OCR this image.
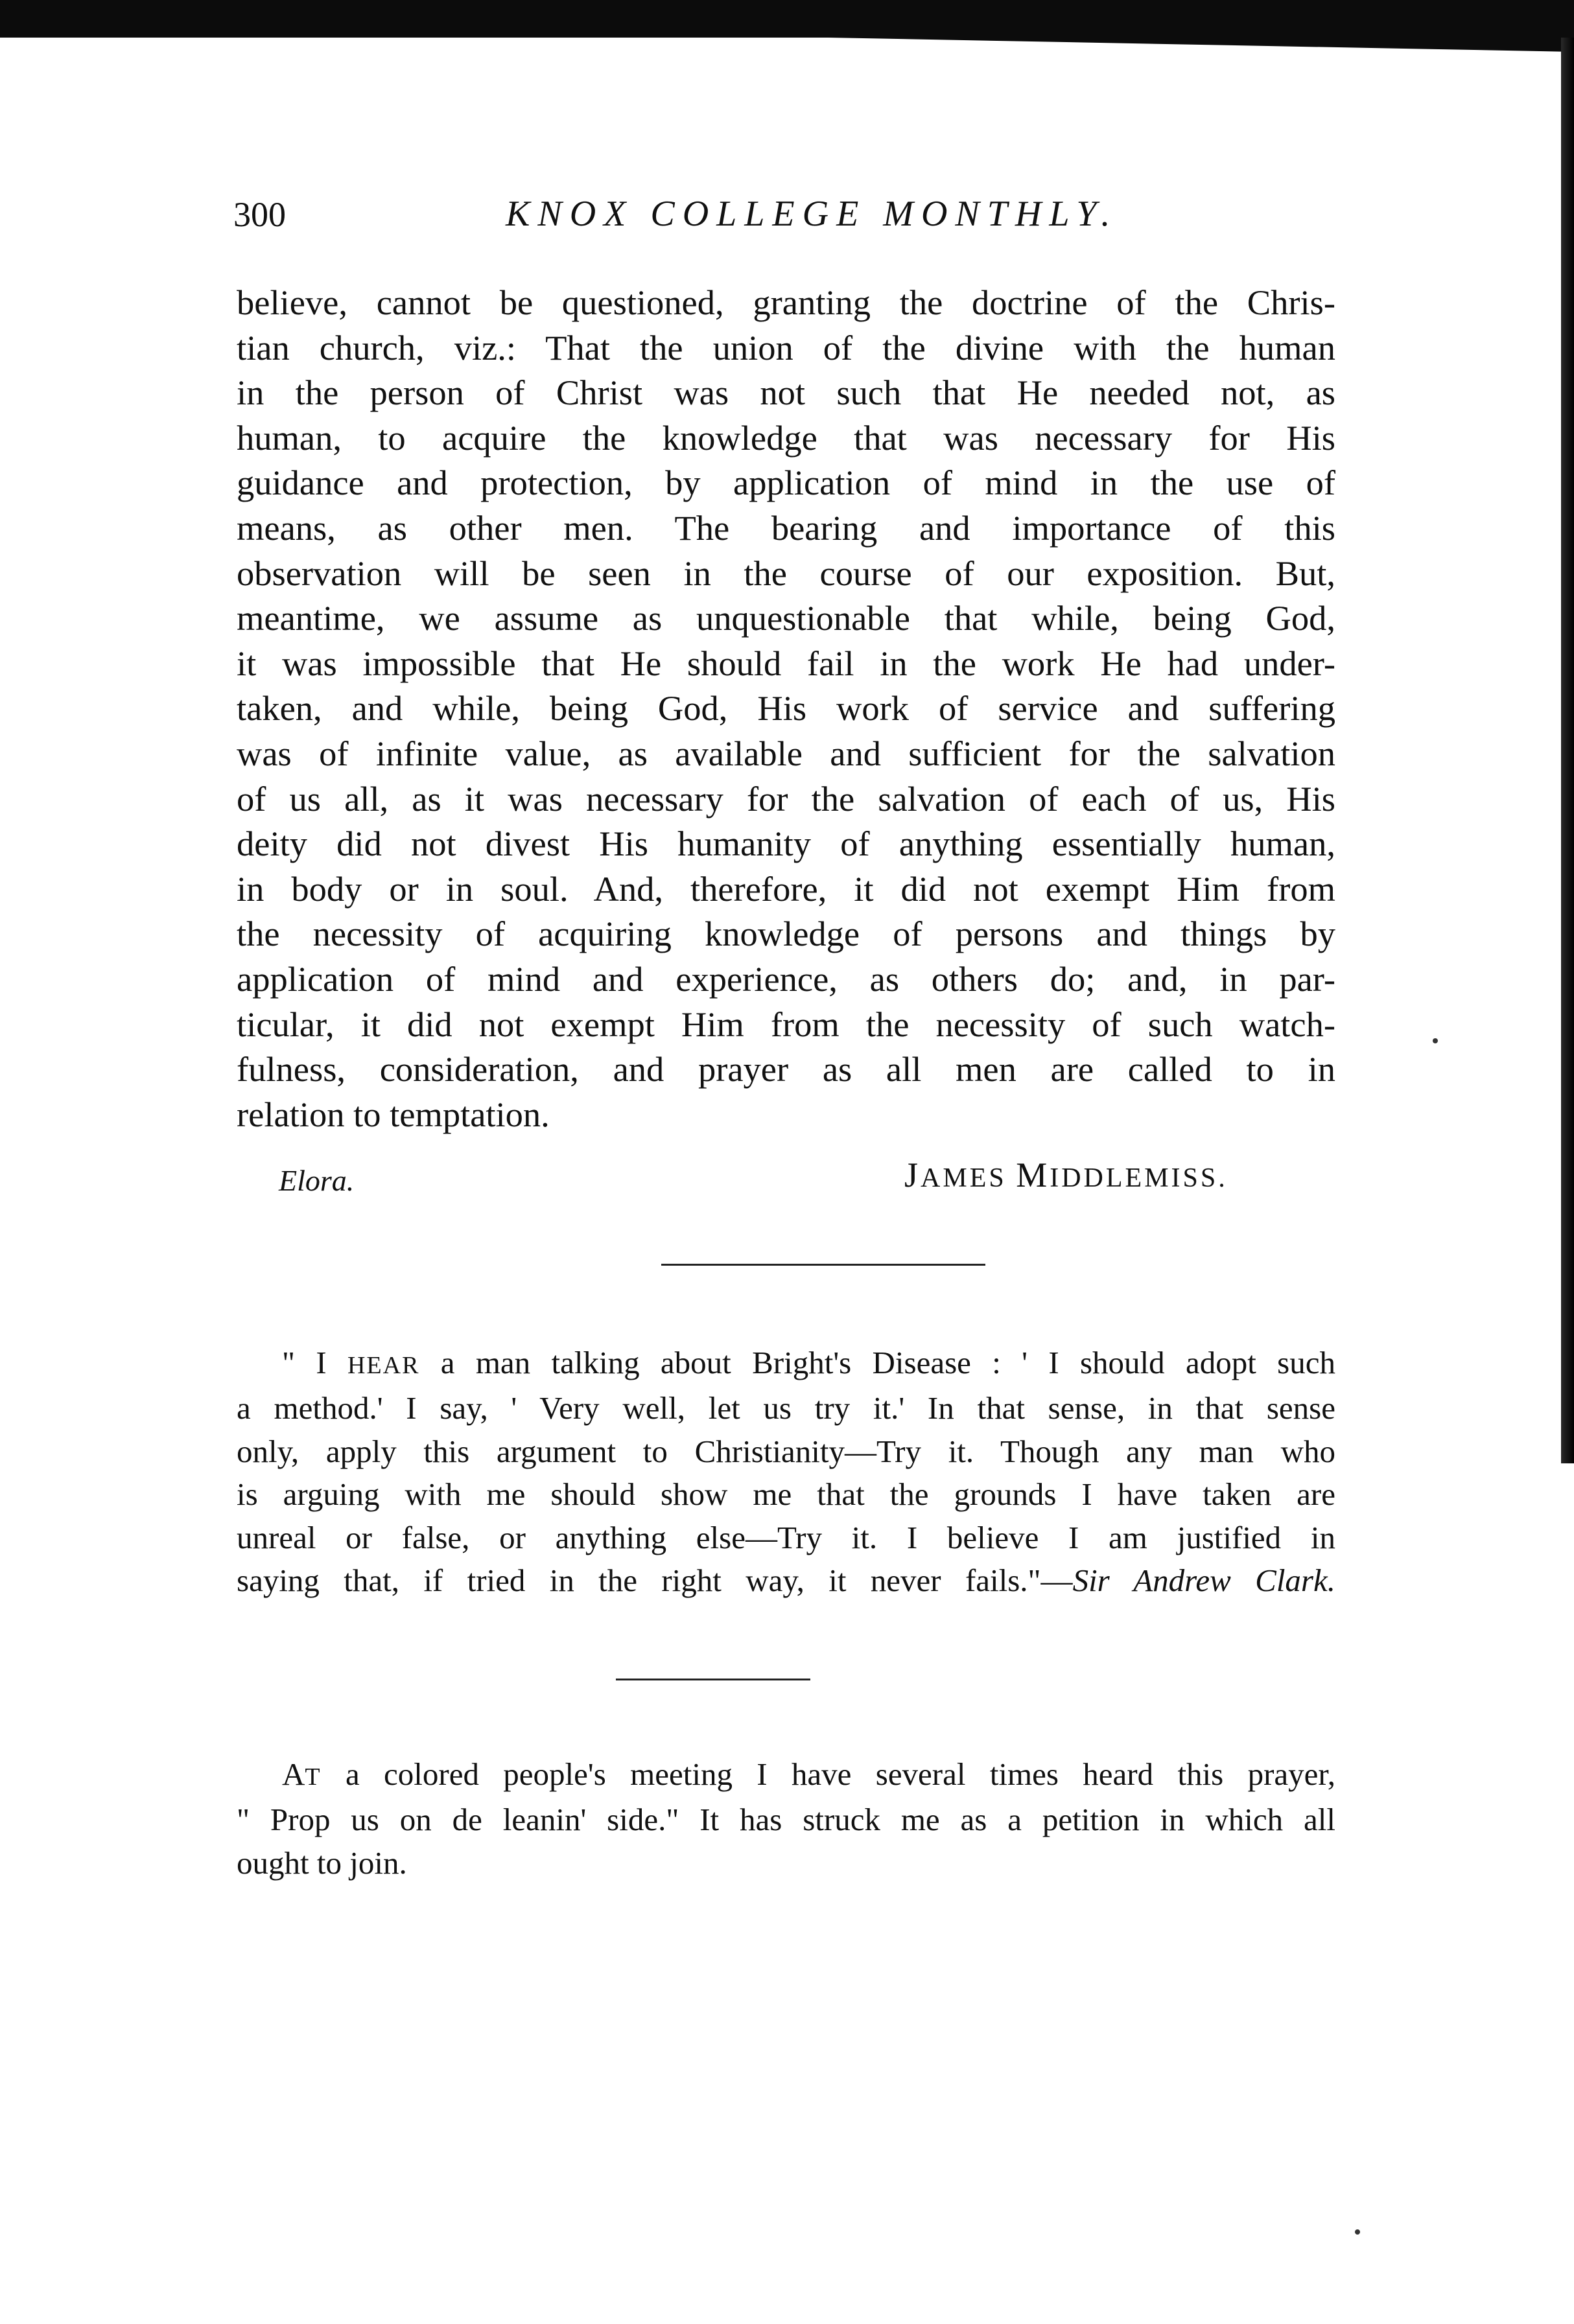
300	KNOX COLLEGE MONTHLY.
believe, cannot be questioned, granting the doctrine of the Chris-
tian church, viz.: That the union of the divine with the human
in the person of Christ was not such that He needed not, as
human, to acquire the knowledge that was necessary for His
guidance and protection, by application of mind in the use of
means, as other men. The bearing and importance of this
observation will be seen in the course of our exposition. But,
meantime, we assume as unquestionable that while, being God,
it was impossible that He should fail in the work He had under-
taken, and while, being God, His work of service and suffering
was of infinite value, as available and sufficient for the salvation
of us all, as it was necessary for the salvation of each of us, His
deity did not divest His humanity of anything essentially human,
in body or in soul. And, therefore, it did not exempt Him from
the necessity of acquiring knowledge of persons and things by
application of mind and experience, as others do; and, in par-
ticular, it did not exempt Him from the necessity of such watch-
fulness, consideration, and prayer as all men are called to in
relation to temptation.
Elora.	JAMES MIDDLEMISS.
" I HEAR a man talking about Bright's Disease : ' I should adopt such
a method.' I say, ' Very well, let us try it.' In that sense, in that sense
only, apply this argument to Christianity—Try it. Though any man who
is arguing with me should show me that the grounds I have taken are
unreal or false, or anything else—Try it. I believe I am justified in
saying that, if tried in the right way, it never fails."—Sir Andrew Clark.
AT a colored people's meeting I have several times heard this prayer,
" Prop us on de leanin' side." It has struck me as a petition in which all
ought to join.
